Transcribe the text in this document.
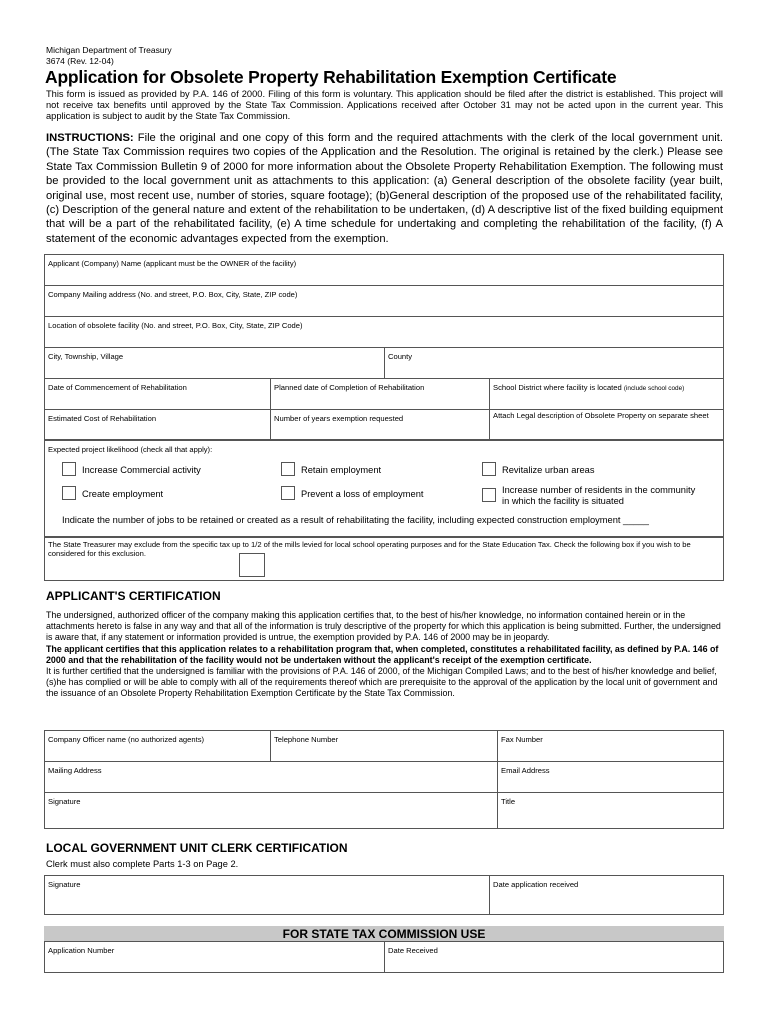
Michigan Department of Treasury
3674 (Rev. 12-04)
Application for Obsolete Property Rehabilitation Exemption Certificate
This form is issued as provided by P.A. 146 of 2000. Filing of this form is voluntary. This application should be filed after the district is established. This project will not receive tax benefits until approved by the State Tax Commission. Applications received after October 31 may not be acted upon in the current year. This application is subject to audit by the State Tax Commission.
INSTRUCTIONS: File the original and one copy of this form and the required attachments with the clerk of the local government unit. (The State Tax Commission requires two copies of the Application and the Resolution. The original is retained by the clerk.) Please see State Tax Commission Bulletin 9 of 2000 for more information about the Obsolete Property Rehabilitation Exemption. The following must be provided to the local government unit as attachments to this application: (a) General description of the obsolete facility (year built, original use, most recent use, number of stories, square footage); (b)General description of the proposed use of the rehabilitated facility, (c) Description of the general nature and extent of the rehabilitation to be undertaken, (d) A descriptive list of the fixed building equipment that will be a part of the rehabilitated facility, (e) A time schedule for undertaking and completing the rehabilitation of the facility, (f) A statement of the economic advantages expected from the exemption.
Applicant (Company) Name (applicant must be the OWNER of the facility)
Company Mailing address (No. and street, P.O. Box, City, State, ZIP code)
Location of obsolete facility (No. and street, P.O. Box, City, State, ZIP Code)
City, Township, Village	County
Date of Commencement of Rehabilitation	Planned date of Completion of Rehabilitation	School District where facility is located (include school code)
Estimated Cost of Rehabilitation	Number of years exemption requested	Attach Legal description of Obsolete Property on separate sheet
Expected project likelihood (check all that apply):
Increase Commercial activity	Retain employment	Revitalize urban areas
Create employment	Prevent a loss of employment	Increase number of residents in the community in which the facility is situated
Indicate the number of jobs to be retained or created as a result of rehabilitating the facility, including expected construction employment _____
The State Treasurer may exclude from the specific tax up to 1/2 of the mills levied for local school operating purposes and for the State Education Tax. Check the following box if you wish to be considered for this exclusion.
APPLICANT'S CERTIFICATION
The undersigned, authorized officer of the company making this application certifies that, to the best of his/her knowledge, no information contained herein or in the attachments hereto is false in any way and that all of the information is truly descriptive of the property for which this application is being submitted. Further, the undersigned is aware that, if any statement or information provided is untrue, the exemption provided by P.A. 146 of 2000 may be in jeopardy.
The applicant certifies that this application relates to a rehabilitation program that, when completed, constitutes a rehabilitated facility, as defined by P.A. 146 of 2000 and that the rehabilitation of the facility would not be undertaken without the applicant's receipt of the exemption certificate.
It is further certified that the undersigned is familiar with the provisions of P.A. 146 of 2000, of the Michigan Compiled Laws; and to the best of his/her knowledge and belief, (s)he has complied or will be able to comply with all of the requirements thereof which are prerequisite to the approval of the application by the local unit of government and the issuance of an Obsolete Property Rehabilitation Exemption Certificate by the State Tax Commission.
Company Officer name (no authorized agents)	Telephone Number	Fax Number
Mailing Address	Email Address
Signature	Title
LOCAL GOVERNMENT UNIT CLERK CERTIFICATION
Clerk must also complete Parts 1-3 on Page 2.
Signature	Date application received
FOR STATE TAX COMMISSION USE
Application Number	Date Received
